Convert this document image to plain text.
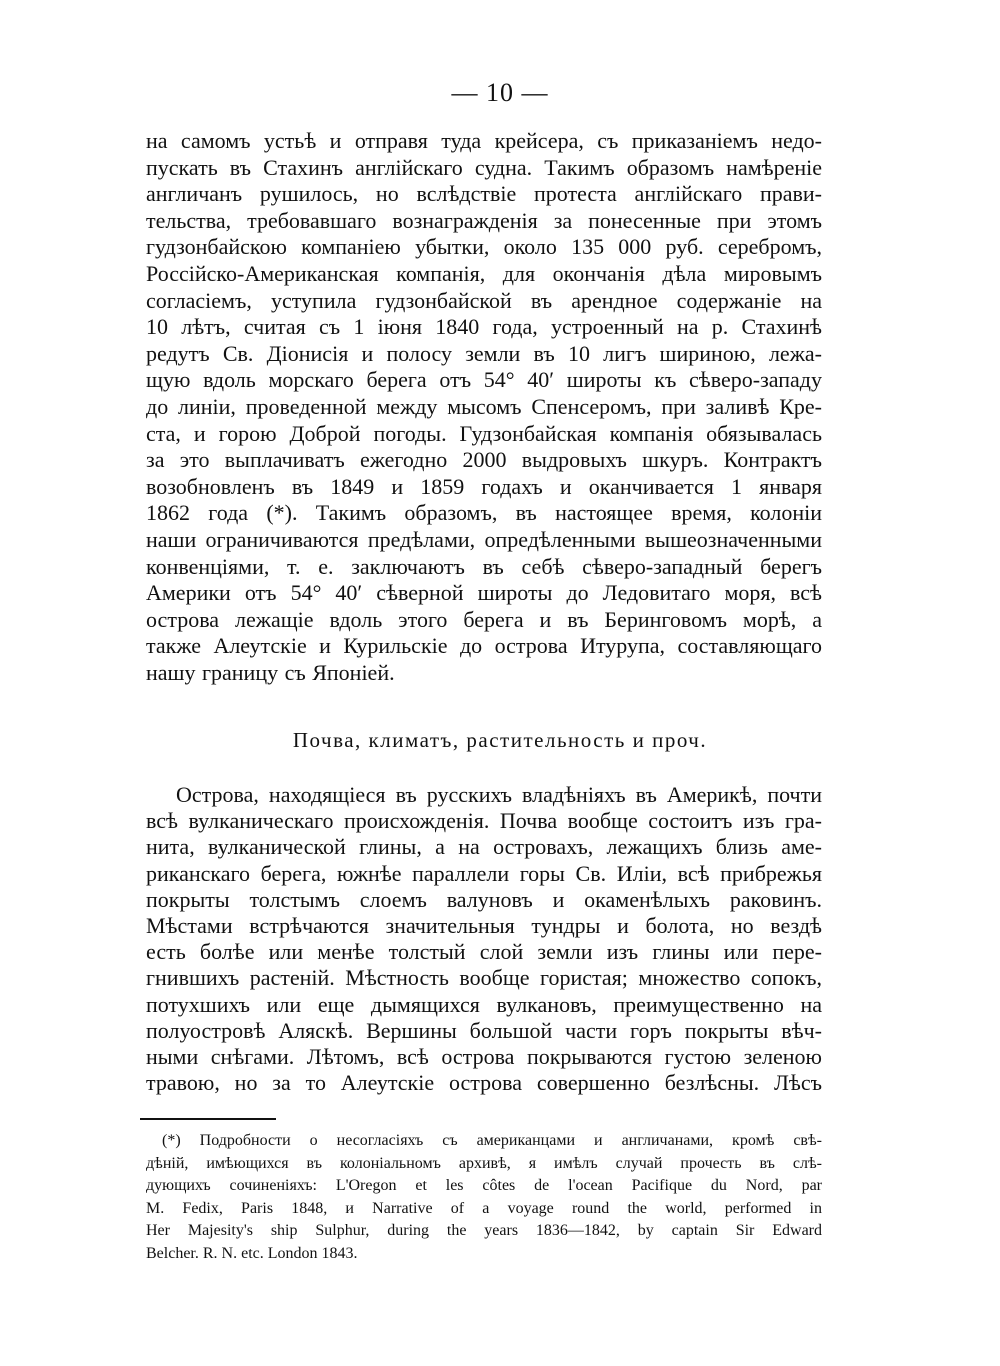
— 10 —
на самомъ устьѣ и отправя туда крейсера, съ приказаніемъ недо-
пускать въ Стахинъ англійскаго судна. Такимъ образомъ намѣреніе
англичанъ рушилось, но вслѣдствіе протеста англійскаго прави-
тельства, требовавшаго вознагражденія за понесенные при этомъ
гудзонбайскою компаніею убытки, около 135 000 руб. серебромъ,
Россійско-Американская компанія, для окончанія дѣла мировымъ
согласіемъ, уступила гудзонбайской въ арендное содержаніе на
10 лѣтъ, считая съ 1 іюня 1840 года, устроенный на р. Стахинѣ
редутъ Св. Діонисія и полосу земли въ 10 лигъ шириною, лежа-
щую вдоль морскаго берега отъ 54° 40′ широты къ сѣверо-западу
до линіи, проведенной между мысомъ Спенсеромъ, при заливѣ Кре-
ста, и горою Доброй погоды. Гудзонбайская компанія обязывалась
за это выплачиватъ ежегодно 2000 выдровыхъ шкуръ. Контрактъ
возобновленъ въ 1849 и 1859 годахъ и оканчивается 1 января
1862 года (*). Такимъ образомъ, въ настоящее время, колоніи
наши ограничиваются предѣлами, опредѣленными вышеозначенными
конвенціями, т. е. заключаютъ въ себѣ сѣверо-западный берегъ
Америки отъ 54° 40′ сѣверной широты до Ледовитаго моря, всѣ
острова лежащіе вдоль этого берега и въ Беринговомъ морѣ, а
также Алеутскіе и Курильскіе до острова Итурупа, составляющаго
нашу границу съ Японіей.
Почва, климатъ, растительность и проч.
Острова, находящіеся въ русскихъ владѣніяхъ въ Америкѣ, почти
всѣ вулканическаго происхожденія. Почва вообще состоитъ изъ гра-
нита, вулканической глины, а на островахъ, лежащихъ близь аме-
риканскаго берега, южнѣе параллели горы Св. Иліи, всѣ прибрежья
покрыты толстымъ слоемъ валуновъ и окаменѣлыхъ раковинъ.
Мѣстами встрѣчаются значительныя тундры и болота, но вездѣ
есть болѣе или менѣе толстый слой земли изъ глины или пере-
гнившихъ растеній. Мѣстность вообще гористая; множество сопокъ,
потухшихъ или еще дымящихся вулкановъ, преимущественно на
полуостровѣ Аляскѣ. Вершины большой части горъ покрыты вѣч-
ными снѣгами. Лѣтомъ, всѣ острова покрываются густою зеленою
травою, но за то Алеутскіе острова совершенно безлѣсны. Лѣсъ
(*) Подробности о несогласіяхъ съ американцами и англичанами, кромѣ свѣ-
дѣній, имѣющихся въ колоніальномъ архивѣ, я имѣлъ случай прочесть въ слѣ-
дующихъ сочиненіяхъ: L'Oregon et les côtes de l'ocean Pacifique du Nord, par
M. Fedix, Paris 1848, и Narrative of a voyage round the world, performed in
Her Majesity's ship Sulphur, during the years 1836—1842, by captain Sir Edward
Belcher. R. N. etc. London 1843.
